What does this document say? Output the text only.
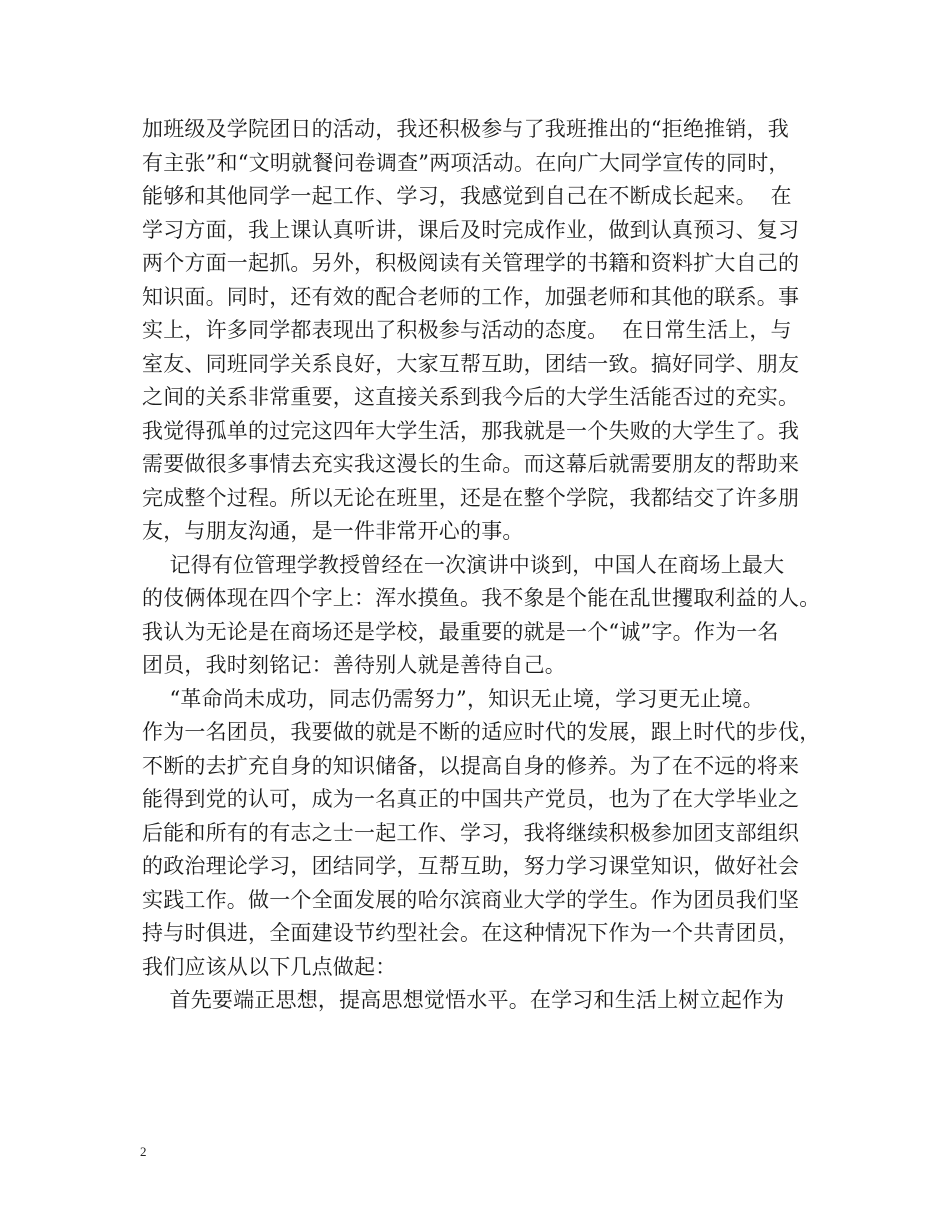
加班级及学院团日的活动，我还积极参与了我班推出的“拒绝推销，我
有主张”和“文明就餐问卷调查”两项活动。在向广大同学宣传的同时，
能够和其他同学一起工作、学习，我感觉到自己在不断成长起来。  在
学习方面，我上课认真听讲，课后及时完成作业，做到认真预习、复习
两个方面一起抓。另外，积极阅读有关管理学的书籍和资料扩大自己的
知识面。同时，还有效的配合老师的工作，加强老师和其他的联系。事
实上，许多同学都表现出了积极参与活动的态度。  在日常生活上，与
室友、同班同学关系良好，大家互帮互助，团结一致。搞好同学、朋友
之间的关系非常重要，这直接关系到我今后的大学生活能否过的充实。
我觉得孤单的过完这四年大学生活，那我就是一个失败的大学生了。我
需要做很多事情去充实我这漫长的生命。而这幕后就需要朋友的帮助来
完成整个过程。所以无论在班里，还是在整个学院，我都结交了许多朋
友，与朋友沟通，是一件非常开心的事。
记得有位管理学教授曾经在一次演讲中谈到，中国人在商场上最大
的伎俩体现在四个字上：浑水摸鱼。我不象是个能在乱世攫取利益的人。
我认为无论是在商场还是学校，最重要的就是一个“诚”字。作为一名
团员，我时刻铭记：善待别人就是善待自己。
“革命尚未成功，同志仍需努力”，知识无止境，学习更无止境。
作为一名团员，我要做的就是不断的适应时代的发展，跟上时代的步伐，
不断的去扩充自身的知识储备，以提高自身的修养。为了在不远的将来
能得到党的认可，成为一名真正的中国共产党员，也为了在大学毕业之
后能和所有的有志之士一起工作、学习，我将继续积极参加团支部组织
的政治理论学习，团结同学，互帮互助，努力学习课堂知识，做好社会
实践工作。做一个全面发展的哈尔滨商业大学的学生。作为团员我们坚
持与时俱进，全面建设节约型社会。在这种情况下作为一个共青团员，
我们应该从以下几点做起：
首先要端正思想，提高思想觉悟水平。在学习和生活上树立起作为
2
